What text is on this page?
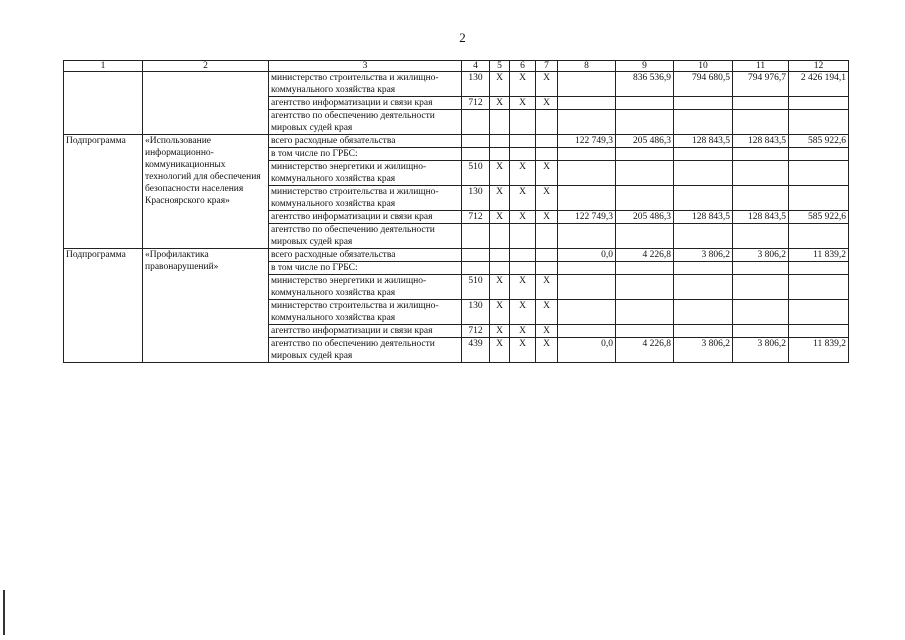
2
1	2	3	4	5	6	7	8	9	10	11	12
		министерство строительства и жилищно-коммунального хозяйства края	130	Х	Х	Х		836 536,9	794 680,5	794 976,7	2 426 194,1
		агентство информатизации и связи края	712	Х	Х	Х					
		агентство по обеспечению деятельности мировых судей края									
Подпрограмма	«Использование информационно-коммуникационных технологий для обеспечения безопасности населения Красноярского края»	всего расходные обязательства					122 749,3	205 486,3	128 843,5	128 843,5	585 922,6
		в том числе по ГРБС:									
		министерство энергетики и жилищно-коммунального хозяйства края	510	Х	Х	Х					
		министерство строительства и жилищно-коммунального хозяйства края	130	Х	Х	Х					
		агентство информатизации и связи края	712	Х	Х	Х	122 749,3	205 486,3	128 843,5	128 843,5	585 922,6
		агентство по обеспечению деятельности мировых судей края									
Подпрограмма	«Профилактика правонарушений»	всего расходные обязательства					0,0	4 226,8	3 806,2	3 806,2	11 839,2
		в том числе по ГРБС:									
		министерство энергетики и жилищно-коммунального хозяйства края	510	Х	Х	Х					
		министерство строительства и жилищно-коммунального хозяйства края	130	Х	Х	Х					
		агентство информатизации и связи края	712	Х	Х	Х					
		агентство по обеспечению деятельности мировых судей края	439	Х	Х	Х	0,0	4 226,8	3 806,2	3 806,2	11 839,2
